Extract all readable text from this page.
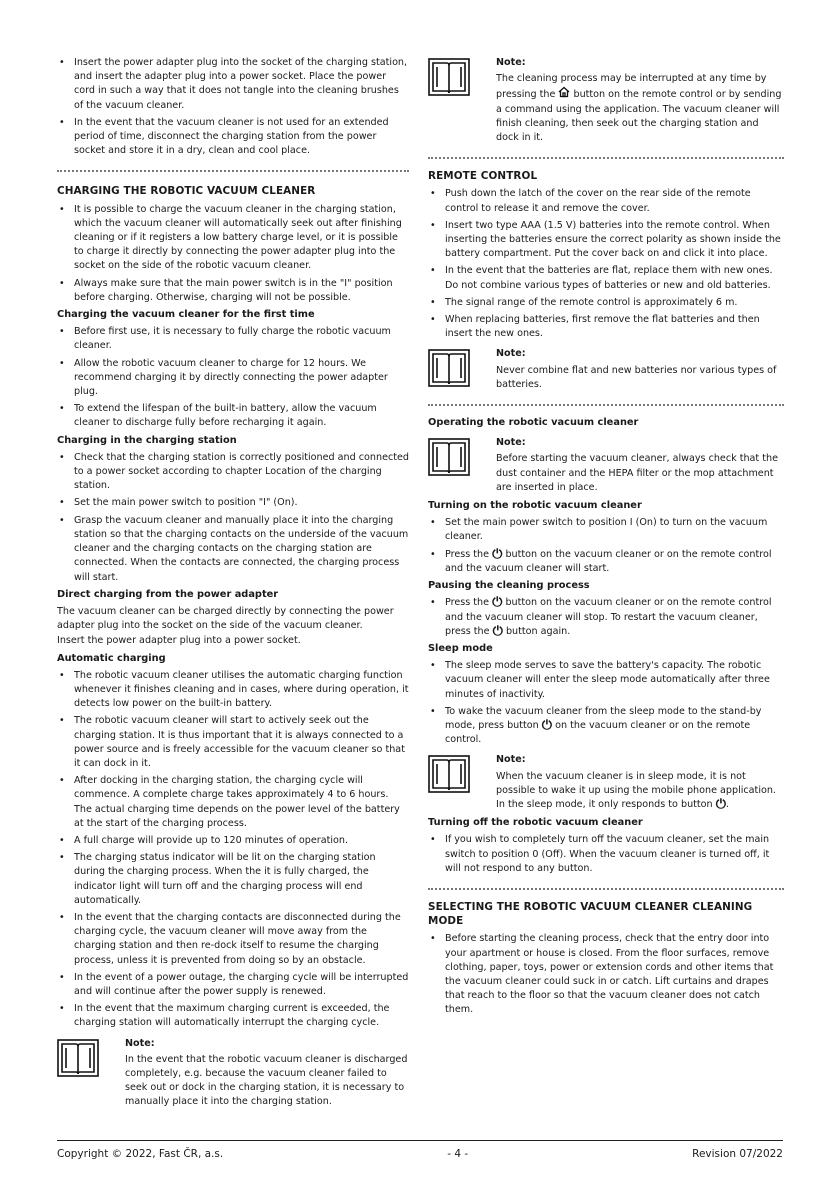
• Insert the power adapter plug into the socket of the charging station, and insert the adapter plug into a power socket. Place the power cord in such a way that it does not tangle into the cleaning brushes of the vacuum cleaner.
• In the event that the vacuum cleaner is not used for an extended period of time, disconnect the charging station from the power socket and store it in a dry, clean and cool place.
CHARGING THE ROBOTIC VACUUM CLEANER
• It is possible to charge the vacuum cleaner in the charging station, which the vacuum cleaner will automatically seek out after finishing cleaning or if it registers a low battery charge level, or it is possible to charge it directly by connecting the power adapter plug into the socket on the side of the robotic vacuum cleaner.
• Always make sure that the main power switch is in the "I" position before charging. Otherwise, charging will not be possible.
Charging the vacuum cleaner for the first time
• Before first use, it is necessary to fully charge the robotic vacuum cleaner.
• Allow the robotic vacuum cleaner to charge for 12 hours. We recommend charging it by directly connecting the power adapter plug.
• To extend the lifespan of the built-in battery, allow the vacuum cleaner to discharge fully before recharging it again.
Charging in the charging station
• Check that the charging station is correctly positioned and connected to a power socket according to chapter Location of the charging station.
• Set the main power switch to position "I" (On).
• Grasp the vacuum cleaner and manually place it into the charging station so that the charging contacts on the underside of the vacuum cleaner and the charging contacts on the charging station are connected. When the contacts are connected, the charging process will start.
Direct charging from the power adapter

The vacuum cleaner can be charged directly by connecting the power adapter plug into the socket on the side of the vacuum cleaner.

Insert the power adapter plug into a power socket.

Automatic charging
• The robotic vacuum cleaner utilises the automatic charging function whenever it finishes cleaning and in cases, where during operation, it detects low power on the built-in battery.
• The robotic vacuum cleaner will start to actively seek out the charging station. It is thus important that it is always connected to a power source and is freely accessible for the vacuum cleaner so that it can dock in it.
• After docking in the charging station, the charging cycle will commence. A complete charge takes approximately 4 to 6 hours. The actual charging time depends on the power level of the battery at the start of the charging process.
• A full charge will provide up to 120 minutes of operation.
• The charging status indicator will be lit on the charging station during the charging process. When the it is fully charged, the indicator light will turn off and the charging process will end automatically.
• In the event that the charging contacts are disconnected during the charging cycle, the vacuum cleaner will move away from the charging station and then re-dock itself to resume the charging process, unless it is prevented from doing so by an obstacle.
• In the event of a power outage, the charging cycle will be interrupted and will continue after the power supply is renewed.
• In the event that the maximum charging current is exceeded, the charging station will automatically interrupt the charging cycle.
Note:
In the event that the robotic vacuum cleaner is discharged completely, e.g. because the vacuum cleaner failed to seek out or dock in the charging station, it is necessary to manually place it into the charging station.
Note:
The cleaning process may be interrupted at any time by pressing the button on the remote control or by sending a command using the application. The vacuum cleaner will finish cleaning, then seek out the charging station and dock in it.
REMOTE CONTROL
• Push down the latch of the cover on the rear side of the remote control to release it and remove the cover.
• Insert two type AAA (1.5 V) batteries into the remote control. When inserting the batteries ensure the correct polarity as shown inside the battery compartment. Put the cover back on and click it into place.
• In the event that the batteries are flat, replace them with new ones. Do not combine various types of batteries or new and old batteries.
• The signal range of the remote control is approximately 6 m.
• When replacing batteries, first remove the flat batteries and then insert the new ones.
Note:
Never combine flat and new batteries nor various types of batteries.
Operating the robotic vacuum cleaner
Note:
Before starting the vacuum cleaner, always check that the dust container and the HEPA filter or the mop attachment are inserted in place.
Turning on the robotic vacuum cleaner
• Set the main power switch to position I (On) to turn on the vacuum cleaner.
• Press the ⏻ button on the vacuum cleaner or on the remote control and the vacuum cleaner will start.
Pausing the cleaning process
• Press the ⏻ button on the vacuum cleaner or on the remote control and the vacuum cleaner will stop. To restart the vacuum cleaner, press the ⏻ button again.
Sleep mode
• The sleep mode serves to save the battery's capacity. The robotic vacuum cleaner will enter the sleep mode automatically after three minutes of inactivity.
• To wake the vacuum cleaner from the sleep mode to the stand-by mode, press button ⏻ on the vacuum cleaner or on the remote control.
Note:
When the vacuum cleaner is in sleep mode, it is not possible to wake it up using the mobile phone application.
In the sleep mode, it only responds to button ⏻.
Turning off the robotic vacuum cleaner
• If you wish to completely turn off the vacuum cleaner, set the main switch to position 0 (Off). When the vacuum cleaner is turned off, it will not respond to any button.
SELECTING THE ROBOTIC VACUUM CLEANER CLEANING MODE
• Before starting the cleaning process, check that the entry door into your apartment or house is closed. From the floor surfaces, remove clothing, paper, toys, power or extension cords and other items that the vacuum cleaner could suck in or catch. Lift curtains and drapes that reach to the floor so that the vacuum cleaner does not catch them.
Copyright © 2022, Fast ČR, a.s.	- 4 -	Revision 07/2022
